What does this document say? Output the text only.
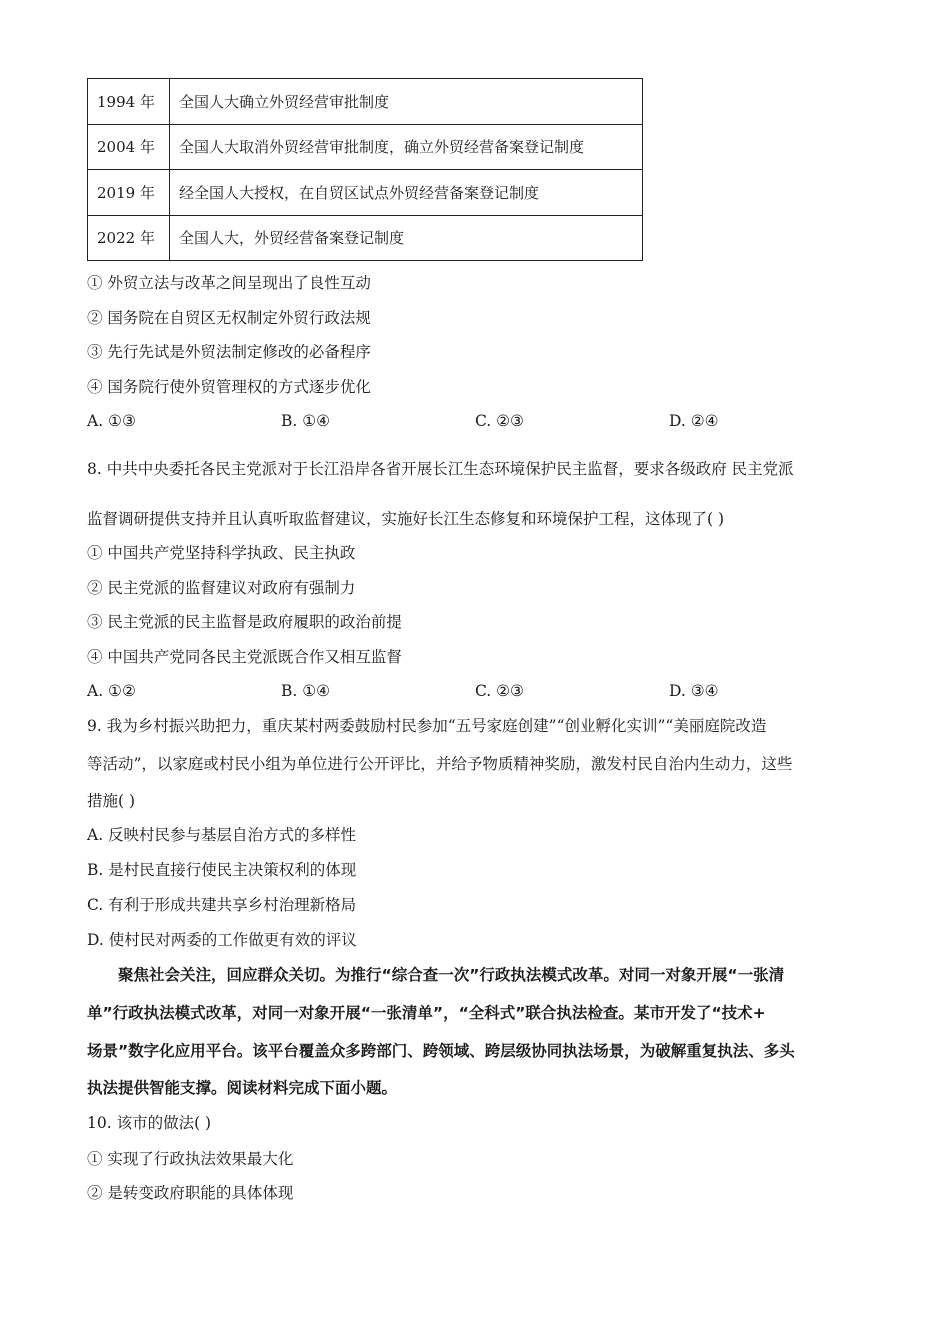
1994 年	全国人大确立外贸经营审批制度
2004 年	全国人大取消外贸经营审批制度，确立外贸经营备案登记制度
2019 年	经全国人大授权，在自贸区试点外贸经营备案登记制度
2022 年	全国人大，外贸经营备案登记制度
① 外贸立法与改革之间呈现出了良性互动
② 国务院在自贸区无权制定外贸行政法规
③ 先行先试是外贸法制定修改的必备程序
④ 国务院行使外贸管理权的方式逐步优化
A. ①③	B. ①④	C. ②③	D. ②④
8. 中共中央委托各民主党派对于长江沿岸各省开展长江生态环境保护民主监督，要求各级政府 民主党派
监督调研提供支持并且认真听取监督建议，实施好长江生态修复和环境保护工程，这体现了( )
① 中国共产党坚持科学执政、民主执政
② 民主党派的监督建议对政府有强制力
③ 民主党派的民主监督是政府履职的政治前提
④ 中国共产党同各民主党派既合作又相互监督
A. ①②	B. ①④	C. ②③	D. ③④
9. 我为乡村振兴助把力，重庆某村两委鼓励村民参加“五号家庭创建”“创业孵化实训”“美丽庭院改造
等活动”，以家庭或村民小组为单位进行公开评比，并给予物质精神奖励，激发村民自治内生动力，这些
措施( )
A. 反映村民参与基层自治方式的多样性
B. 是村民直接行使民主决策权利的体现
C. 有利于形成共建共享乡村治理新格局
D. 使村民对两委的工作做更有效的评议
聚焦社会关注，回应群众关切。为推行“综合查一次”行政执法模式改革。对同一对象开展“一张清
单”行政执法模式改革，对同一对象开展“一张清单”，“全科式”联合执法检查。某市开发了“技术+
场景”数字化应用平台。该平台覆盖众多跨部门、跨领域、跨层级协同执法场景，为破解重复执法、多头
执法提供智能支撑。阅读材料完成下面小题。
10. 该市的做法( )
① 实现了行政执法效果最大化
② 是转变政府职能的具体体现
